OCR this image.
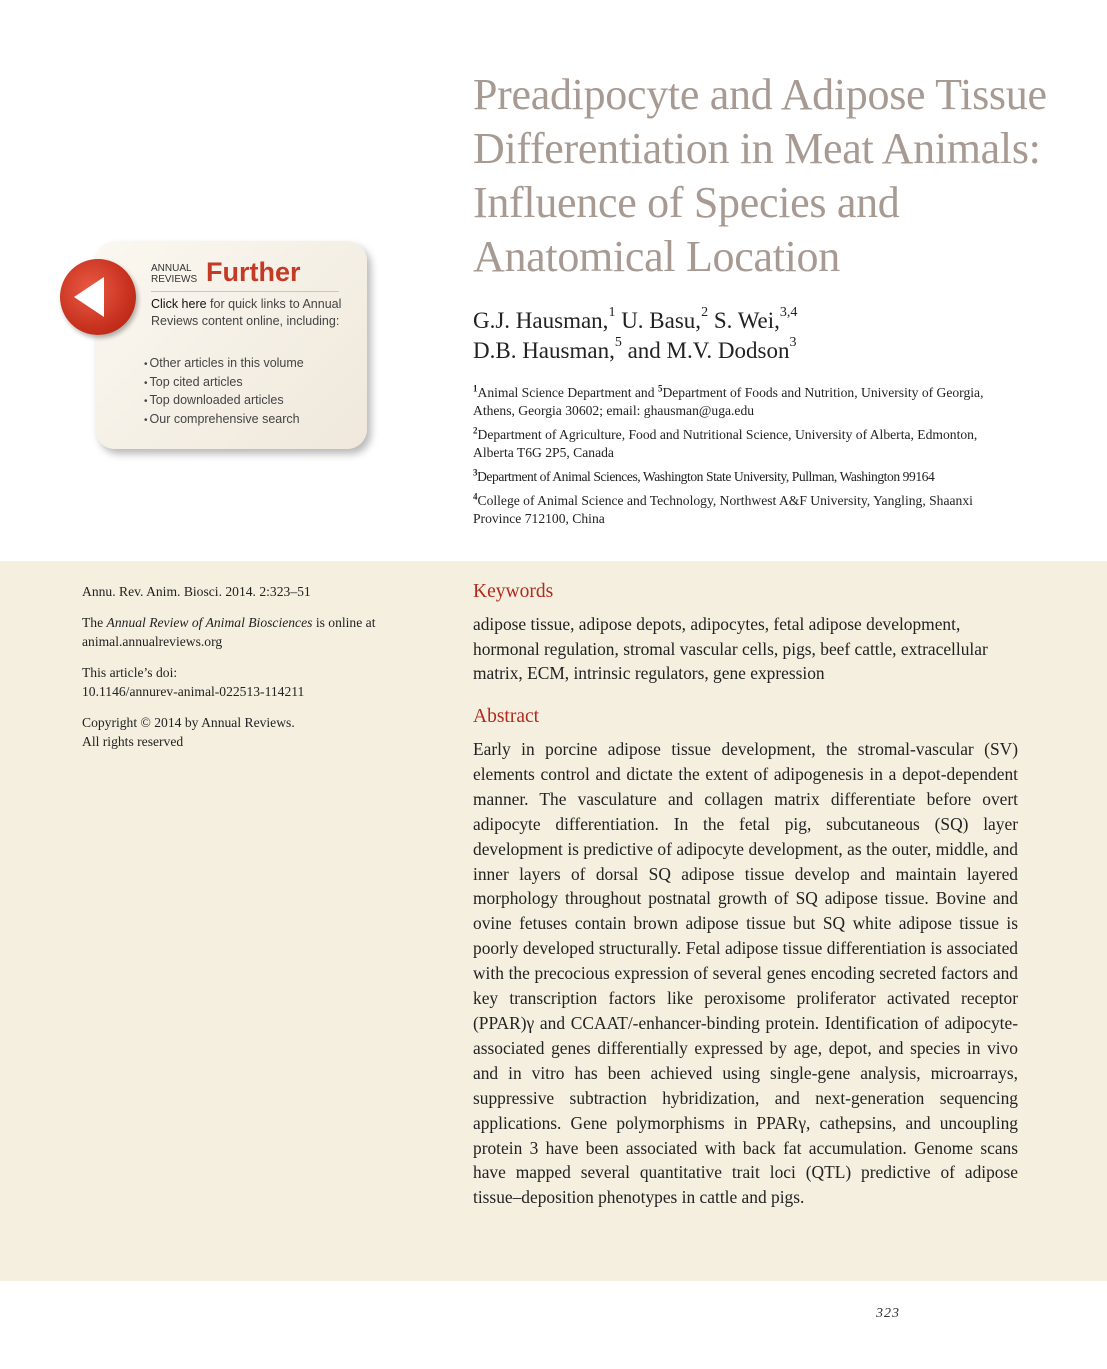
Preadipocyte and Adipose Tissue Differentiation in Meat Animals: Influence of Species and Anatomical Location
G.J. Hausman,$^1$ U. Basu,$^2$ S. Wei,$^{3,4}$
D.B. Hausman,$^5$ and M.V. Dodson$^3$

$^1$Animal Science Department and $^5$Department of Foods and Nutrition, University of Georgia, Athens, Georgia 30602; email: ghausman@uga.edu

$^2$Department of Agriculture, Food and Nutritional Science, University of Alberta, Edmonton, Alberta T6G 2P5, Canada

$^3$Department of Animal Sciences, Washington State University, Pullman, Washington 99164

$^4$College of Animal Science and Technology, Northwest A&F University, Yangling, Shaanxi Province 712100, China

ANNUAL
REVIEWS Further
Click here for quick links to Annual Reviews content online, including:
• Other articles in this volume
• Top cited articles
• Top downloaded articles
• Our comprehensive search

Annu. Rev. Anim. Biosci. 2014. 2:323–51

The Annual Review of Animal Biosciences is online at animal.annualreviews.org

This article’s doi:
10.1146/annurev-animal-022513-114211

Copyright © 2014 by Annual Reviews.
All rights reserved

Keywords

adipose tissue, adipose depots, adipocytes, fetal adipose development, hormonal regulation, stromal vascular cells, pigs, beef cattle, extracellular matrix, ECM, intrinsic regulators, gene expression

Abstract

Early in porcine adipose tissue development, the stromal-vascular (SV) elements control and dictate the extent of adipogenesis in a depot-dependent manner. The vasculature and collagen matrix differentiate before overt adipocyte differentiation. In the fetal pig, subcutaneous (SQ) layer development is predictive of adipocyte development, as the outer, middle, and inner layers of dorsal SQ adipose tissue develop and maintain layered morphology throughout postnatal growth of SQ adipose tissue. Bovine and ovine fetuses contain brown adipose tissue but SQ white adipose tissue is poorly developed structurally. Fetal adipose tissue differentiation is associated with the precocious expression of several genes encoding secreted factors and key transcription factors like peroxisome proliferator activated receptor (PPAR)γ and CCAAT/-enhancer-binding protein. Identification of adipocyte-associated genes differentially expressed by age, depot, and species in vivo and in vitro has been achieved using single-gene analysis, microarrays, suppressive subtraction hybridization, and next-generation sequencing applications. Gene polymorphisms in PPARγ, cathepsins, and uncoupling protein 3 have been associated with back fat accumulation. Genome scans have mapped several quantitative trait loci (QTL) predictive of adipose tissue–deposition phenotypes in cattle and pigs.

323
